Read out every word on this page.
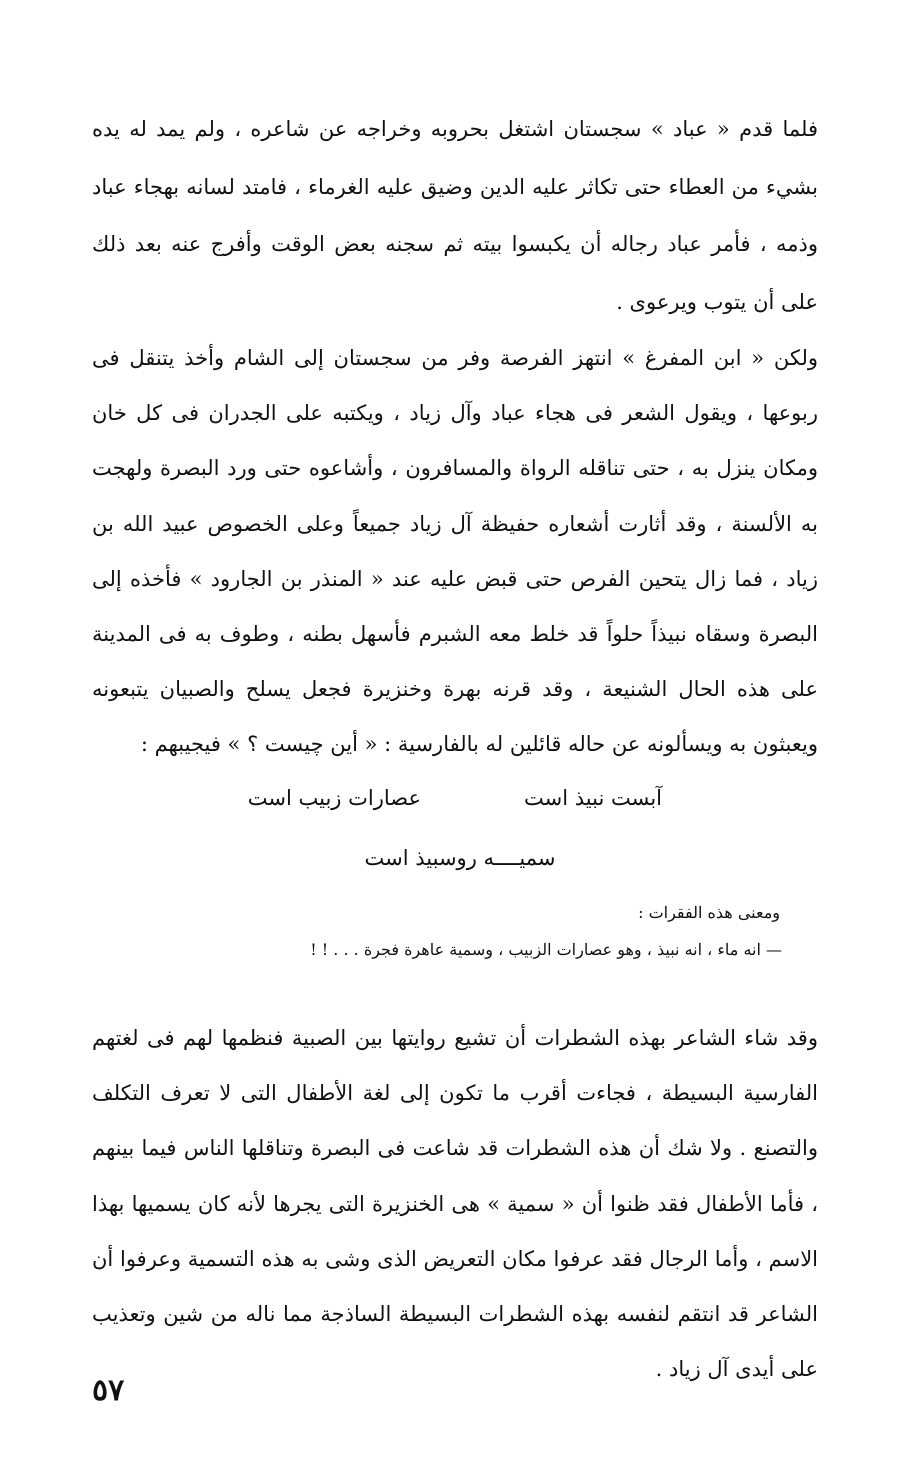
فلما قدم « عباد » سجستان اشتغل بحروبه وخراجه عن شاعره ، ولم يمد له يده بشيء من العطاء حتى تكاثر عليه الدين وضيق عليه الغرماء ، فامتد لسانه بهجاء عباد وذمه ، فأمر عباد رجاله أن يكبسوا بيته ثم سجنه بعض الوقت وأفرج عنه بعد ذلك على أن يتوب ويرعوى .

ولكن « ابن المفرغ » انتهز الفرصة وفر من سجستان إلى الشام وأخذ يتنقل فى ربوعها ، ويقول الشعر فى هجاء عباد وآل زياد ، ويكتبه على الجدران فى كل خان ومكان ينزل به ، حتى تناقله الرواة والمسافرون ، وأشاعوه حتى ورد البصرة ولهجت به الألسنة ، وقد أثارت أشعاره حفيظة آل زياد جميعاً وعلى الخصوص عبيد الله بن زياد ، فما زال يتحين الفرص حتى قبض عليه عند « المنذر بن الجارود » فأخذه إلى البصرة وسقاه نبيذاً حلواً قد خلط معه الشبرم فأسهل بطنه ، وطوف به فى المدينة على هذه الحال الشنيعة ، وقد قرنه بهرة وخنزيرة فجعل يسلح والصبيان يتبعونه ويعبثون به ويسألونه عن حاله قائلين له بالفارسية : « أين چيست ؟ » فيجيبهم :

آبست نبيذ است
عصارات زبيب است
سميــــه روسبيذ است
ومعنى هذه الفقرات :
— انه ماء ، انه نبيذ ، وهو عصارات الزبيب ، وسمية عاهرة فجرة . . . ! !

وقد شاء الشاعر بهذه الشطرات أن تشيع روايتها بين الصبية فنظمها لهم فى لغتهم الفارسية البسيطة ، فجاءت أقرب ما تكون إلى لغة الأطفال التى لا تعرف التكلف والتصنع . ولا شك أن هذه الشطرات قد شاعت فى البصرة وتناقلها الناس فيما بينهم ، فأما الأطفال فقد ظنوا أن « سمية » هى الخنزيرة التى يجرها لأنه كان يسميها بهذا الاسم ، وأما الرجال فقد عرفوا مكان التعريض الذى وشى به هذه التسمية وعرفوا أن الشاعر قد انتقم لنفسه بهذه الشطرات البسيطة الساذجة مما ناله من شين وتعذيب على أيدى آل زياد .

٥٧
